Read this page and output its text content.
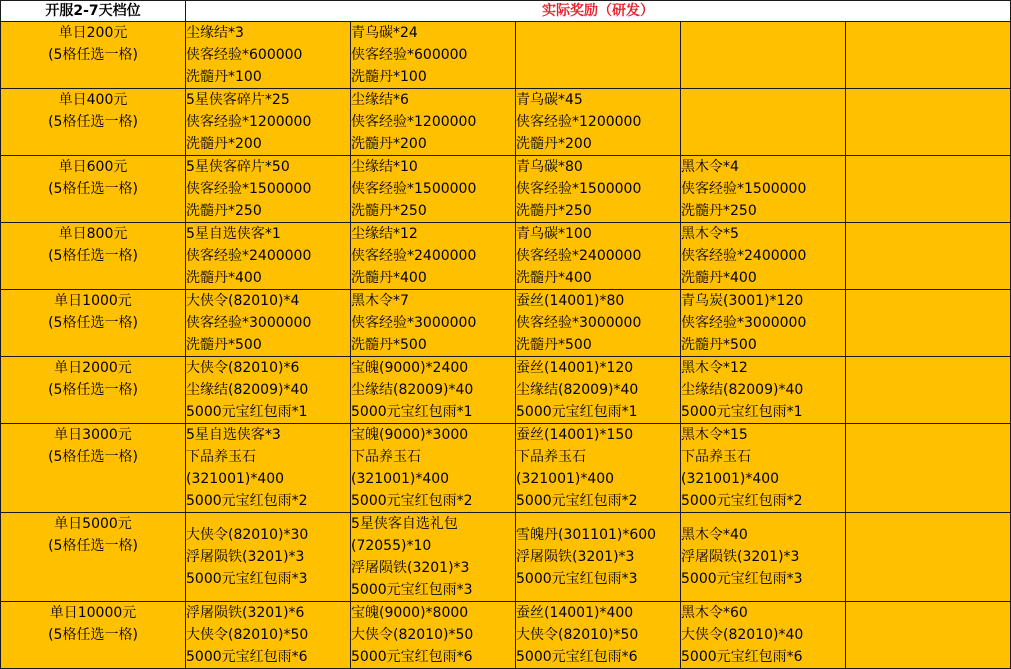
开服2-7天档位	实际奖励（研发）				

单日200元
(5格任选一格)	尘缘结*3
侠客经验*600000
洗髓丹*100	青乌碳*24
侠客经验*600000
洗髓丹*100			

单日400元
(5格任选一格)	5星侠客碎片*25
侠客经验*1200000
洗髓丹*200	尘缘结*6
侠客经验*1200000
洗髓丹*200	青乌碳*45
侠客经验*1200000
洗髓丹*200		

单日600元
(5格任选一格)	5星侠客碎片*50
侠客经验*1500000
洗髓丹*250	尘缘结*10
侠客经验*1500000
洗髓丹*250	青乌碳*80
侠客经验*1500000
洗髓丹*250	黑木令*4
侠客经验*1500000
洗髓丹*250	

单日800元
(5格任选一格)	5星自选侠客*1
侠客经验*2400000
洗髓丹*400	尘缘结*12
侠客经验*2400000
洗髓丹*400	青乌碳*100
侠客经验*2400000
洗髓丹*400	黑木令*5
侠客经验*2400000
洗髓丹*400	

单日1000元
(5格任选一格)	大侠令(82010)*4
侠客经验*3000000
洗髓丹*500	黑木令*7
侠客经验*3000000
洗髓丹*500	蚕丝(14001)*80
侠客经验*3000000
洗髓丹*500	青乌炭(3001)*120
侠客经验*3000000
洗髓丹*500	

单日2000元
(5格任选一格)	大侠令(82010)*6
尘缘结(82009)*40
5000元宝红包雨*1	宝魄(9000)*2400
尘缘结(82009)*40
5000元宝红包雨*1	蚕丝(14001)*120
尘缘结(82009)*40
5000元宝红包雨*1	黑木令*12
尘缘结(82009)*40
5000元宝红包雨*1	

单日3000元
(5格任选一格)	5星自选侠客*3
下品养玉石
(321001)*400
5000元宝红包雨*2	宝魄(9000)*3000
下品养玉石
(321001)*400
5000元宝红包雨*2	蚕丝(14001)*150
下品养玉石
(321001)*400
5000元宝红包雨*2	黑木令*15
下品养玉石
(321001)*400
5000元宝红包雨*2	

单日5000元
(5格任选一格)	大侠令(82010)*30
浮屠陨铁(3201)*3
5000元宝红包雨*3	5星侠客自选礼包
(72055)*10
浮屠陨铁(3201)*3
5000元宝红包雨*3	雪魄丹(301101)*600
浮屠陨铁(3201)*3
5000元宝红包雨*3	黑木令*40
浮屠陨铁(3201)*3
5000元宝红包雨*3	

单日10000元
(5格任选一格)	浮屠陨铁(3201)*6
大侠令(82010)*50
5000元宝红包雨*6	宝魄(9000)*8000
大侠令(82010)*50
5000元宝红包雨*6	蚕丝(14001)*400
大侠令(82010)*50
5000元宝红包雨*6	黑木令*60
大侠令(82010)*40
5000元宝红包雨*6	
